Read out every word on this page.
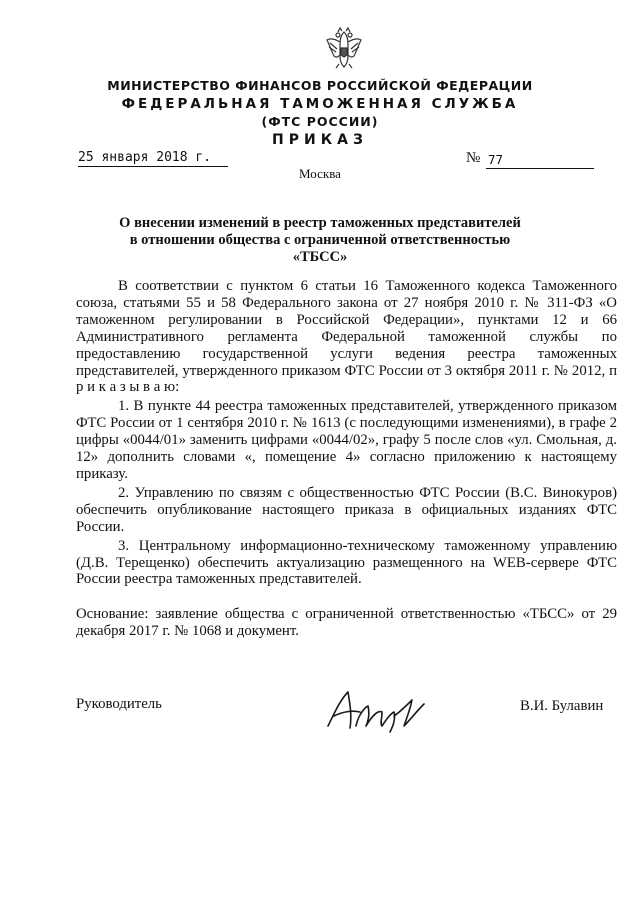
МИНИСТЕРСТВО ФИНАНСОВ РОССИЙСКОЙ ФЕДЕРАЦИИ
ФЕДЕРАЛЬНАЯ ТАМОЖЕННАЯ СЛУЖБА
(ФТС РОССИИ)
ПРИКАЗ
25 января 2018 г.	№ 77
Москва
О внесении изменений в реестр таможенных представителей
в отношении общества с ограниченной ответственностью
«ТБСС»

В соответствии с пунктом 6 статьи 16 Таможенного кодекса Таможенного союза, статьями 55 и 58 Федерального закона от 27 ноября 2010 г. № 311-ФЗ «О таможенном регулировании в Российской Федерации», пунктами 12 и 66 Административного регламента Федеральной таможенной службы по предоставлению государственной услуги ведения реестра таможенных представителей, утвержденного приказом ФТС России от 3 октября 2011 г. № 2012, п р и к а з ы в а ю:

1. В пункте 44 реестра таможенных представителей, утвержденного приказом ФТС России от 1 сентября 2010 г. № 1613 (с последующими изменениями), в графе 2 цифры «0044/01» заменить цифрами «0044/02», графу 5 после слов «ул. Смольная, д. 12» дополнить словами «, помещение 4» согласно приложению к настоящему приказу.

2. Управлению по связям с общественностью ФТС России (В.С. Винокуров) обеспечить опубликование настоящего приказа в официальных изданиях ФТС России.

3. Центральному информационно-техническому таможенному управлению (Д.В. Терещенко) обеспечить актуализацию размещенного на WEB-сервере ФТС России реестра таможенных представителей.

Основание: заявление общества с ограниченной ответственностью «ТБСС» от 29 декабря 2017 г. № 1068 и документ.
Руководитель	В.И. Булавин
